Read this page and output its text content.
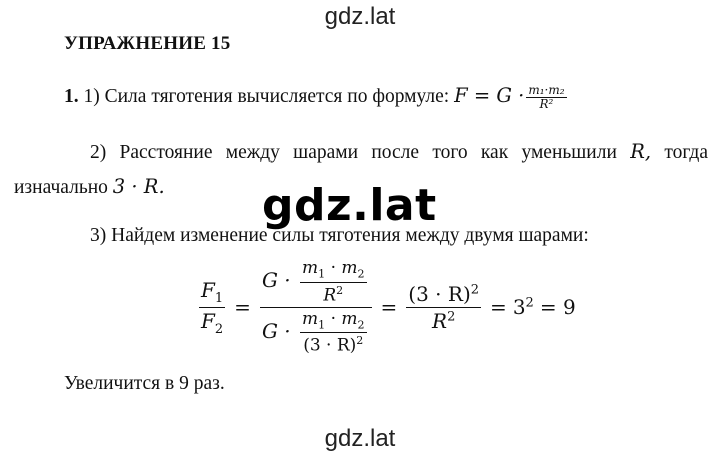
gdz.lat
УПРАЖНЕНИЕ 15
1. 1) Сила тяготения вычисляется по формуле: $F = G \cdot \frac{\text{m₁·m₂}}{\text{R²}}$
2) Расстояние между шарами после того как уменьшили R, тогда
изначально 3 · R.
3) Найдем изменение силы тяготения между двумя шарами:
$\frac{F_1}{F_2} = \frac{G \cdot \frac{m_1 \cdot m_2}{R^2}}{G \cdot \frac{m_1 \cdot m_2}{(3 \cdot R)^2}} = \frac{(3 \cdot R)^2}{R^2} = 3^2 = 9$
gdz.lat
Увеличится в 9 раз.
gdz.lat
